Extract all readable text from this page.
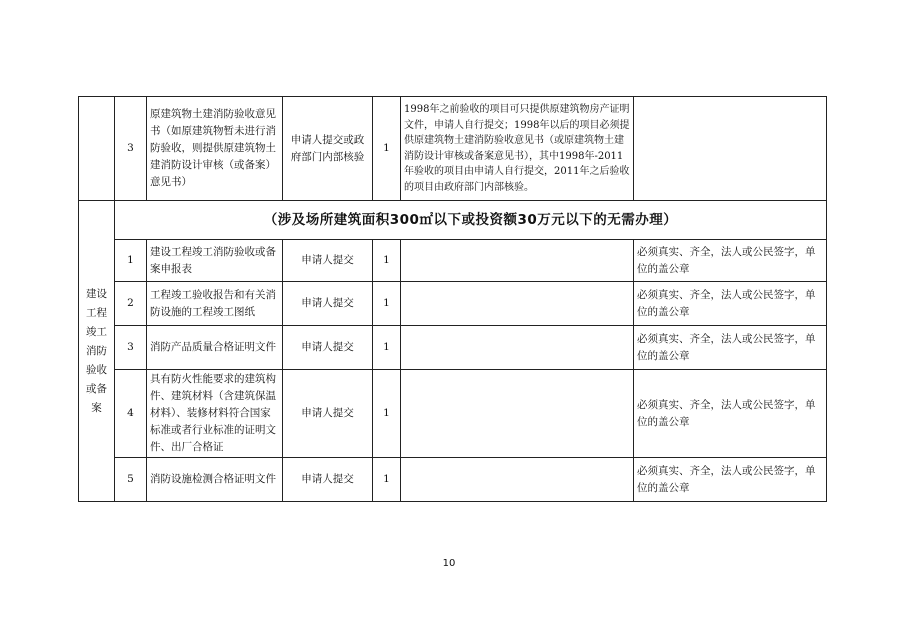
	3	原建筑物土建消防验收意见书（如原建筑物暂未进行消防验收，则提供原建筑物土建消防设计审核（或备案）意见书）	申请人提交或政府部门内部核验	1	1998年之前验收的项目可只提供原建筑物房产证明文件，申请人自行提交；1998年以后的项目必须提供原建筑物土建消防验收意见书（或原建筑物土建消防设计审核或备案意见书），其中1998年-2011年验收的项目由申请人自行提交，2011年之后验收的项目由政府部门内部核验。	
建设工程竣工消防验收或备案	（涉及场所建筑面积300㎡以下或投资额30万元以下的无需办理）					
	1	建设工程竣工消防验收或备案申报表	申请人提交	1		必须真实、齐全，法人或公民签字，单位的盖公章
	2	工程竣工验收报告和有关消防设施的工程竣工图纸	申请人提交	1		必须真实、齐全，法人或公民签字，单位的盖公章
	3	消防产品质量合格证明文件	申请人提交	1		必须真实、齐全，法人或公民签字，单位的盖公章
	4	具有防火性能要求的建筑构件、建筑材料（含建筑保温材料）、装修材料符合国家标准或者行业标准的证明文件、出厂合格证	申请人提交	1		必须真实、齐全，法人或公民签字，单位的盖公章
	5	消防设施检测合格证明文件	申请人提交	1		必须真实、齐全，法人或公民签字，单位的盖公章
10
